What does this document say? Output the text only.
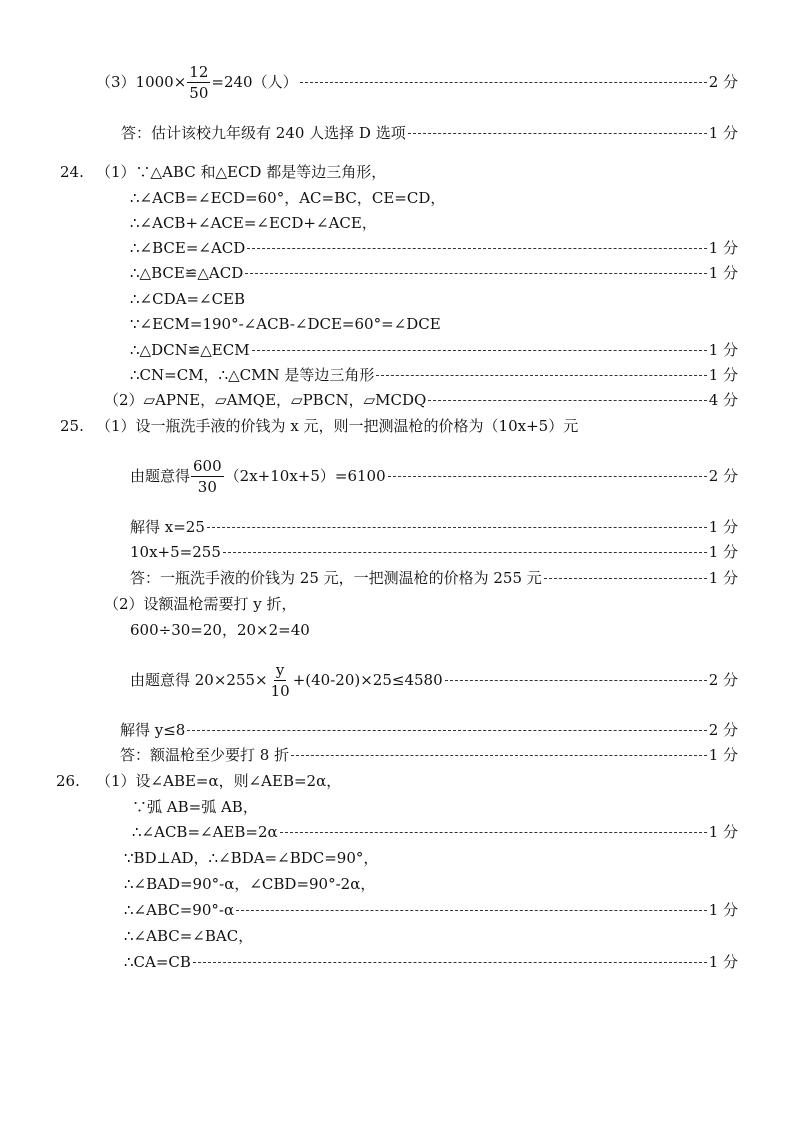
$(3)1000\times \frac{12}{50} =240$（人）	2 分
答：估计该校九年级有 240 人选择 D 选项	1 分
24. （1）∵△ABC 和△ECD 都是等边三角形，
∴∠ACB=∠ECD=60°，AC=BC，CE=CD，
∴∠ACB+∠ACE=∠ECD+∠ACE，
∴∠BCE=∠ACD	1 分
∴△BCE≌△ACD	1 分
∴∠CDA=∠CEB
∵∠ECM=190°-∠ACB-∠DCE=60°=∠DCE
∴△DCN≌△ECM	1 分
∴CN=CM，∴△CMN 是等边三角形	1 分
（2）▱APNE，▱AMQE，▱PBCN，▱MCDQ	4 分
25. （1）设一瓶洗手液的价钱为 x 元，则一把测温枪的价格为（10x+5）元
由题意得 $\frac{600}{30} (2x+10x+5)=6100$	2 分
解得 x=25	1 分
10x+5=255	1 分
答：一瓶洗手液的价钱为 25 元，一把测温枪的价格为 255 元	1 分
（2）设额温枪需要打 y 折，
600÷30=20，20×2=40
由题意得 $20\times 255\times \frac{y}{10} +(40-20)\times 25\le 4580$	2 分
解得 y≤8	2 分
答：额温枪至少要打 8 折	1 分
26. （1）设∠ABE=α，则∠AEB=2α，
∵弧 AB=弧 AB，
∴∠ACB=∠AEB=2α	1 分
∵BD⊥AD，∴∠BDA=∠BDC=90°，
∴∠BAD=90°-α，∠CBD=90°-2α，
∴∠ABC=90°-α	1 分
∴∠ABC=∠BAC，
∴CA=CB	1 分
